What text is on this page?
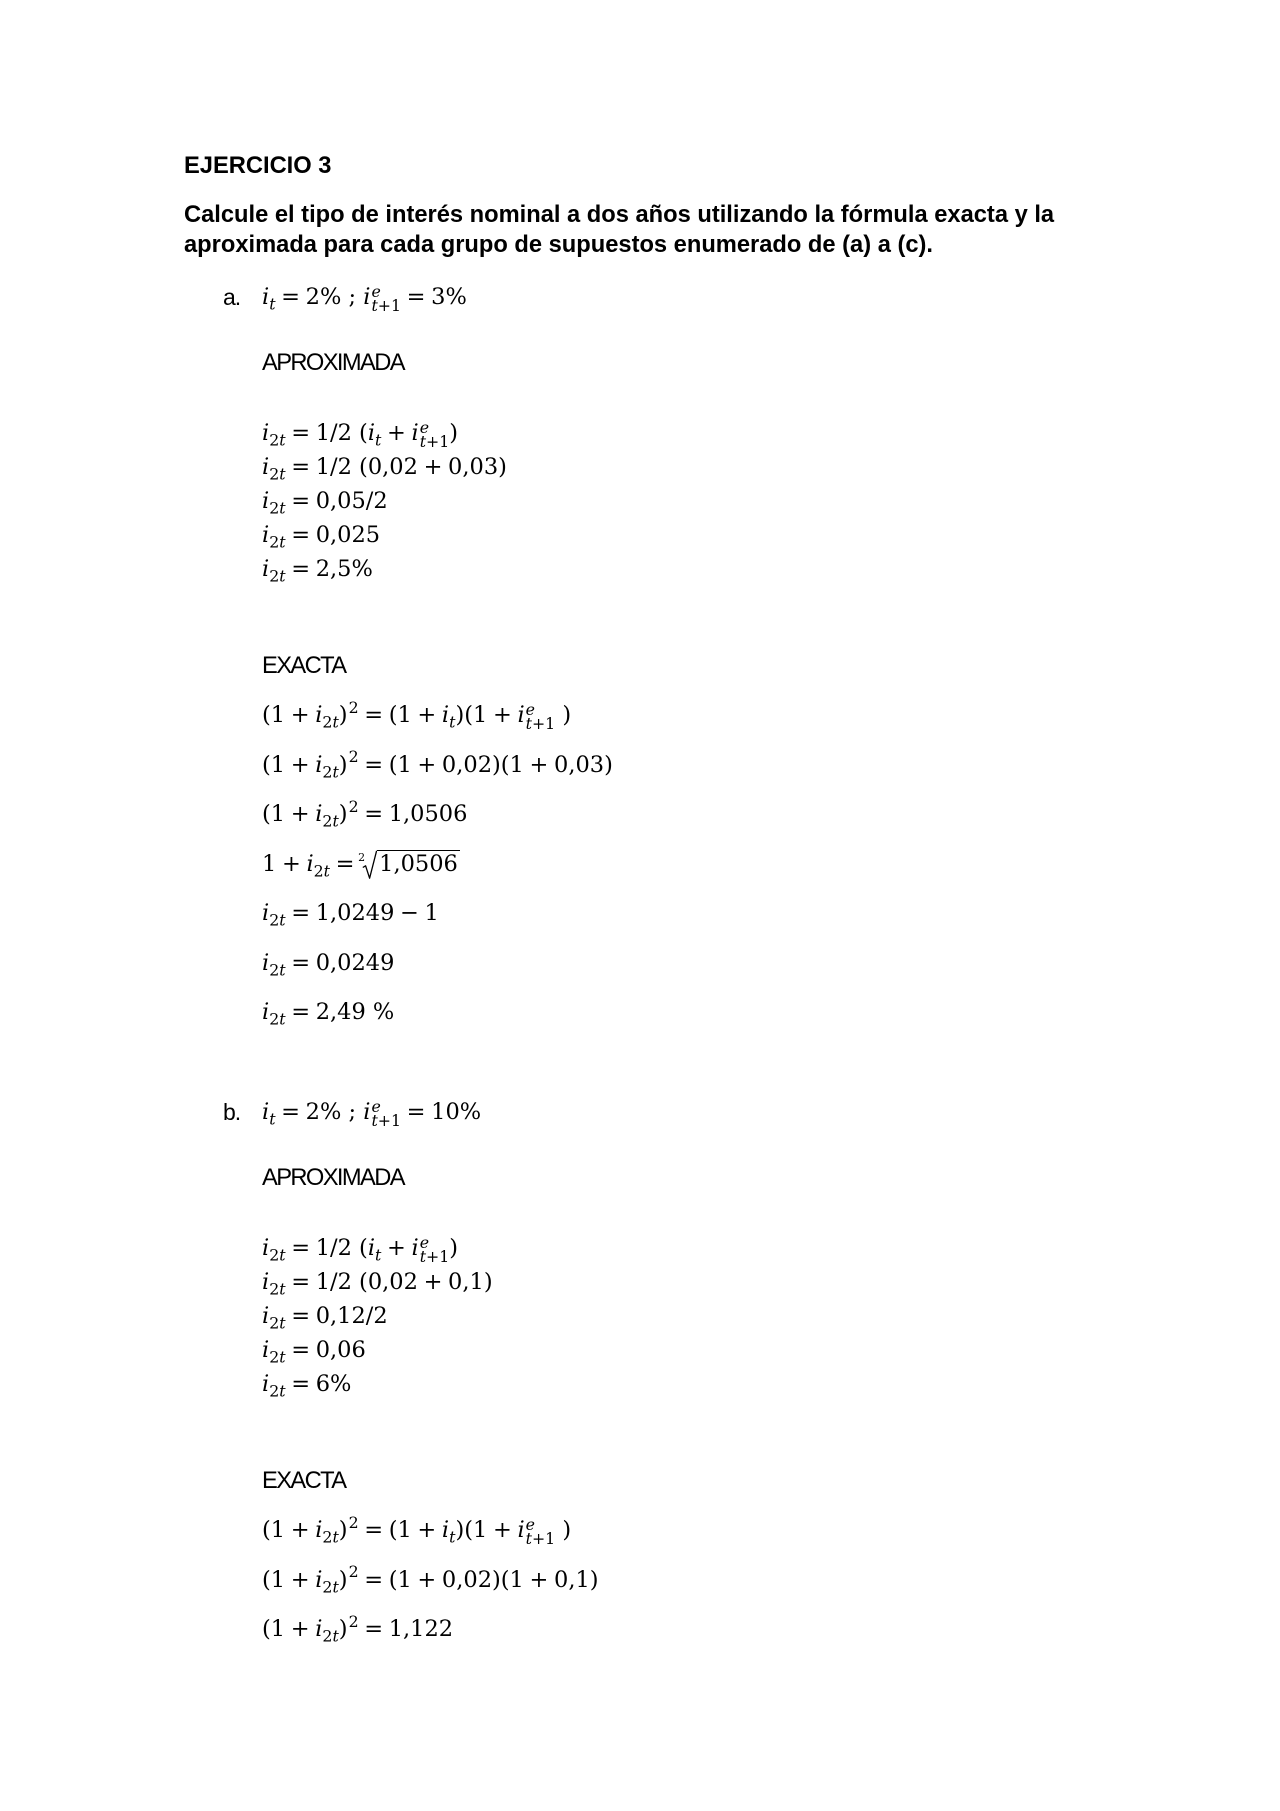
EJERCICIO 3
Calcule el tipo de interés nominal a dos años utilizando la fórmula exacta y la
aproximada para cada grupo de supuestos enumerado de (a) a (c).
a. $i_t = 2\%$ ; i e
t+1 = 3%
APROXIMADA
$i_{2t} = 1/2$ ($i_t + i$ e
t+1 )
$i_{2t} = 1/2$ (0,02 + 0,03)
$i_{2t} = 0,05/2$
$i_{2t} = 0,025$
$i_{2t} = 2,5\%$
EXACTA
$(1 + i_{2t})^2 = (1 + i_t)(1 + i$ e
t+1 )
$(1 + i_{2t})^2 = (1 + 0,02)(1 + 0,03)$
$(1 + i_{2t})^2 = 1,0506$
$1 + i_{2t} = 2$ 1,0506
$i_{2t} = 1,0249 - 1$
$i_{2t} = 0,0249$
$i_{2t} = 2,49$ %
b. $i_t = 2\%$ ; i e
t+1 = 10%
APROXIMADA
$i_{2t} = 1/2$ ($i_t + i$ e
t+1 )
$i_{2t} = 1/2$ (0,02 + 0,1)
$i_{2t} = 0,12/2$
$i_{2t} = 0,06$
$i_{2t} = 6\%$
EXACTA
$(1 + i_{2t})^2 = (1 + i_t)(1 + i$ e
t+1 )
$(1 + i_{2t})^2 = (1 + 0,02)(1 + 0,1)$
$(1 + i_{2t})^2 = 1,122$
